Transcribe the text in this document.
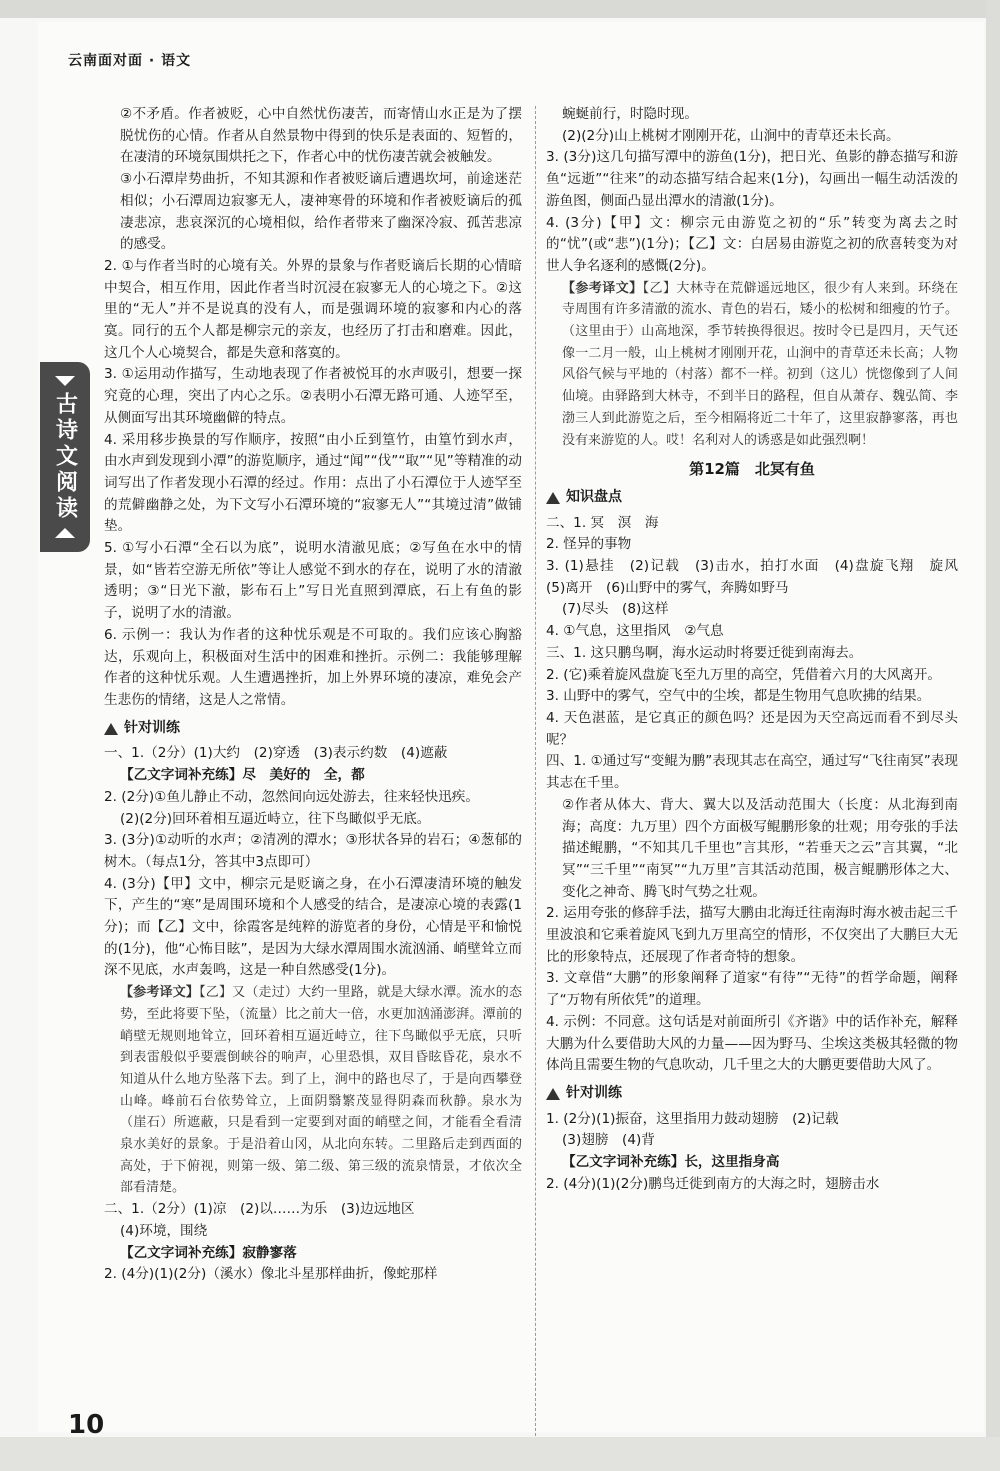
云南面对面 · 语文
古诗文阅读

②不矛盾。作者被贬，心中自然忧伤凄苦，而寄情山水正是为了摆脱忧伤的心情。作者从自然景物中得到的快乐是表面的、短暂的，在凄清的环境氛围烘托之下，作者心中的忧伤凄苦就会被触发。

③小石潭岸势曲折，不知其源和作者被贬谪后遭遇坎坷，前途迷茫相似；小石潭周边寂寥无人，凄神寒骨的环境和作者被贬谪后的孤凄悲凉，悲哀深沉的心境相似，给作者带来了幽深冷寂、孤苦悲凉的感受。

2. ①与作者当时的心境有关。外界的景象与作者贬谪后长期的心情暗中契合，相互作用，因此作者当时沉浸在寂寥无人的心境之下。②这里的“无人”并不是说真的没有人，而是强调环境的寂寥和内心的落寞。同行的五个人都是柳宗元的亲友，也经历了打击和磨难。因此，这几个人心境契合，都是失意和落寞的。

3. ①运用动作描写，生动地表现了作者被悦耳的水声吸引，想要一探究竟的心理，突出了内心之乐。②表明小石潭无路可通、人迹罕至，从侧面写出其环境幽僻的特点。

4. 采用移步换景的写作顺序，按照“由小丘到篁竹，由篁竹到水声，由水声到发现到小潭”的游览顺序，通过“闻”“伐”“取”“见”等精准的动词写出了作者发现小石潭的经过。作用：点出了小石潭位于人迹罕至的荒僻幽静之处，为下文写小石潭环境的“寂寥无人”“其境过清”做铺垫。

5. ①写小石潭“全石以为底”，说明水清澈见底；②写鱼在水中的情景，如“皆若空游无所依”等让人感觉不到水的存在，说明了水的清澈透明；③“日光下澈，影布石上”写日光直照到潭底，石上有鱼的影子，说明了水的清澈。

6. 示例一：我认为作者的这种忧乐观是不可取的。我们应该心胸豁达，乐观向上，积极面对生活中的困难和挫折。示例二：我能够理解作者的这种忧乐观。人生遭遇挫折，加上外界环境的凄凉，难免会产生悲伤的情绪，这是人之常情。

针对训练

一、1.（2分）(1)大约　(2)穿透　(3)表示约数　(4)遮蔽

【乙文字词补充练】尽　美好的　全，都

2. (2分)①鱼儿静止不动，忽然间向远处游去，往来轻快迅疾。

(2)(2分)回环着相互逼近峙立，往下鸟瞰似乎无底。

3. (3分)①动听的水声；②清冽的潭水；③形状各异的岩石；④葱郁的树木。（每点1分，答其中3点即可）

4. (3分)【甲】文中，柳宗元是贬谪之身，在小石潭凄清环境的触发下，产生的“寒”是周围环境和个人感受的结合，是凄凉心境的表露(1分)；而【乙】文中，徐霞客是纯粹的游览者的身份，心情是平和愉悦的(1分)，他“心怖目眩”，是因为大绿水潭周围水流汹涌、峭壁耸立而深不见底，水声轰鸣，这是一种自然感受(1分)。

【参考译文】【乙】又（走过）大约一里路，就是大绿水潭。流水的态势，至此将要下坠，（流量）比之前大一倍，水更加汹涌澎湃。潭前的峭壁无规则地耸立，回环着相互逼近峙立，往下鸟瞰似乎无底，只听到表雷般似乎要震倒峡谷的响声，心里恐惧，双目昏眩昏花，泉水不知道从什么地方坠落下去。到了上，涧中的路也尽了，于是向西攀登山峰。峰前石台依势耸立，上面阴翳繁茂显得阴森而秋静。泉水为（崖石）所遮蔽，只是看到一定要到对面的峭壁之间，才能看全看清泉水美好的景象。于是沿着山冈，从北向东转。二里路后走到西面的高处，于下俯视，则第一级、第二级、第三级的流泉情景，才依次全部看清楚。

二、1.（2分）(1)凉　(2)以……为乐　(3)边远地区

(4)环境，围绕

【乙文字词补充练】寂静寥落

2. (4分)(1)(2分)（溪水）像北斗星那样曲折，像蛇那样

蜿蜒前行，时隐时现。

(2)(2分)山上桃树才刚刚开花，山涧中的青草还未长高。

3. (3分)这几句描写潭中的游鱼(1分)，把日光、鱼影的静态描写和游鱼“远逝”“往来”的动态描写结合起来(1分)，勾画出一幅生动活泼的游鱼图，侧面凸显出潭水的清澈(1分)。

4. (3分)【甲】文：柳宗元由游览之初的“乐”转变为离去之时的“忧”(或“悲”)(1分)；【乙】文：白居易由游览之初的欣喜转变为对世人争名逐利的感慨(2分)。

【参考译文】【乙】大林寺在荒僻遥远地区，很少有人来到。环绕在寺周围有许多清澈的流水、青色的岩石，矮小的松树和细瘦的竹子。（这里由于）山高地深，季节转换得很迟。按时令已是四月，天气还像一二月一般，山上桃树才刚刚开花，山涧中的青草还未长高；人物风俗气候与平地的（村落）都不一样。初到（这儿）恍惚像到了人间仙境。由驿路到大林寺，不到半日的路程，但自从萧存、魏弘简、李渤三人到此游览之后，至今相隔将近二十年了，这里寂静寥落，再也没有来游览的人。哎！名利对人的诱惑是如此强烈啊！

第12篇　北冥有鱼

知识盘点

二、1. 冥　溟　海

2. 怪异的事物

3. (1)悬挂　(2)记载　(3)击水，拍打水面　(4)盘旋飞翔　旋风　(5)离开　(6)山野中的雾气，奔腾如野马

(7)尽头　(8)这样

4. ①气息，这里指风　②气息

三、1. 这只鹏鸟啊，海水运动时将要迁徙到南海去。

2. (它)乘着旋风盘旋飞至九万里的高空，凭借着六月的大风离开。

3. 山野中的雾气，空气中的尘埃，都是生物用气息吹拂的结果。

4. 天色湛蓝，是它真正的颜色吗？还是因为天空高远而看不到尽头呢？

四、1. ①通过写“变鲲为鹏”表现其志在高空，通过写“飞往南冥”表现其志在千里。

②作者从体大、背大、翼大以及活动范围大（长度：从北海到南海；高度：九万里）四个方面极写鲲鹏形象的壮观；用夸张的手法描述鲲鹏，“不知其几千里也”言其形，“若垂天之云”言其翼，“北冥”“三千里”“南冥”“九万里”言其活动范围，极言鲲鹏形体之大、变化之神奇、腾飞时气势之壮观。

2. 运用夸张的修辞手法，描写大鹏由北海迁往南海时海水被击起三千里波浪和它乘着旋风飞到九万里高空的情形，不仅突出了大鹏巨大无比的形象特点，还展现了作者奇特的想象。

3. 文章借“大鹏”的形象阐释了道家“有待”“无待”的哲学命题，阐释了“万物有所依凭”的道理。

4. 示例：不同意。这句话是对前面所引《齐谐》中的话作补充，解释大鹏为什么要借助大风的力量——因为野马、尘埃这类极其轻微的物体尚且需要生物的气息吹动，几千里之大的大鹏更要借助大风了。

针对训练

1. (2分)(1)振奋，这里指用力鼓动翅膀　(2)记载

(3)翅膀　(4)背

【乙文字词补充练】长，这里指身高

2. (4分)(1)(2分)鹏鸟迁徙到南方的大海之时，翅膀击水

10
